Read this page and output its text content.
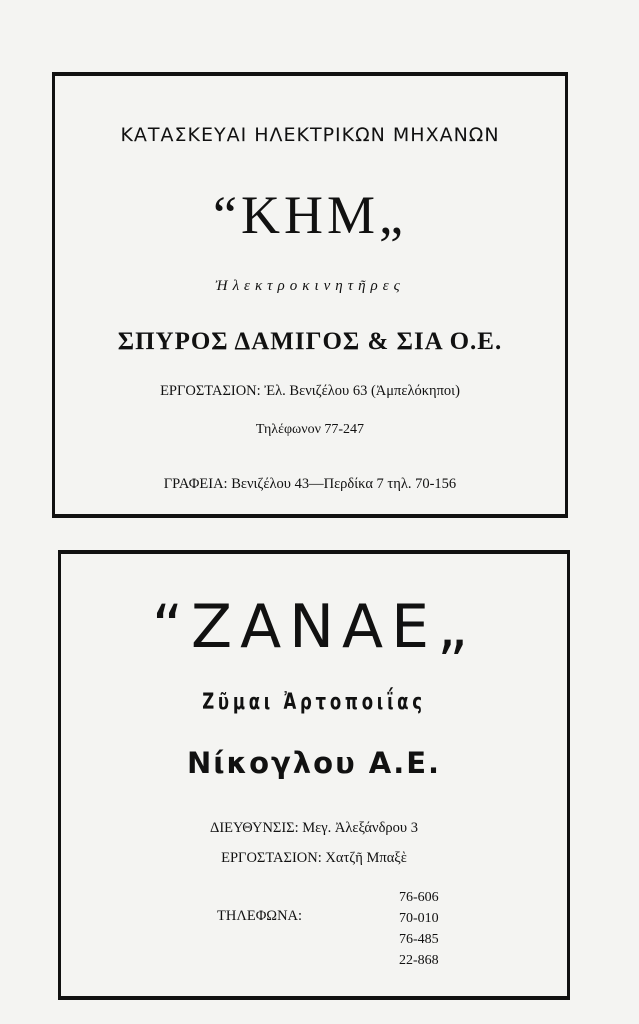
ΚΑΤΑΣΚΕΥΑΙ ΗΛΕΚΤΡΙΚΩΝ ΜΗΧΑΝΩΝ
“ΚΗΜ„
Ἠλεκτροκινητῆρες
ΣΠΥΡΟΣ ΔΑΜΙΓΟΣ & ΣΙΑ Ο.Ε.
ΕΡΓΟΣΤΑΣΙΟΝ: Ἐλ. Βενιζέλου 63 (Ἀμπελόκηποι)
Τηλέφωνον 77-247
ΓΡΑΦΕΙΑ: Βενιζέλου 43—Περδίκα 7 τηλ. 70-156
“ΖΑΝΑΕ„
Ζῦμαι Ἀρτοποιΐας
Νίκογλου Α.Ε.
ΔΙΕΥΘΥΝΣΙΣ: Μεγ. Ἀλεξάνδρου 3
ΕΡΓΟΣΤΑΣΙΟΝ: Χατζῆ Μπαξὲ
ΤΗΛΕΦΩΝΑ:
76-606
70-010
76-485
22-868
